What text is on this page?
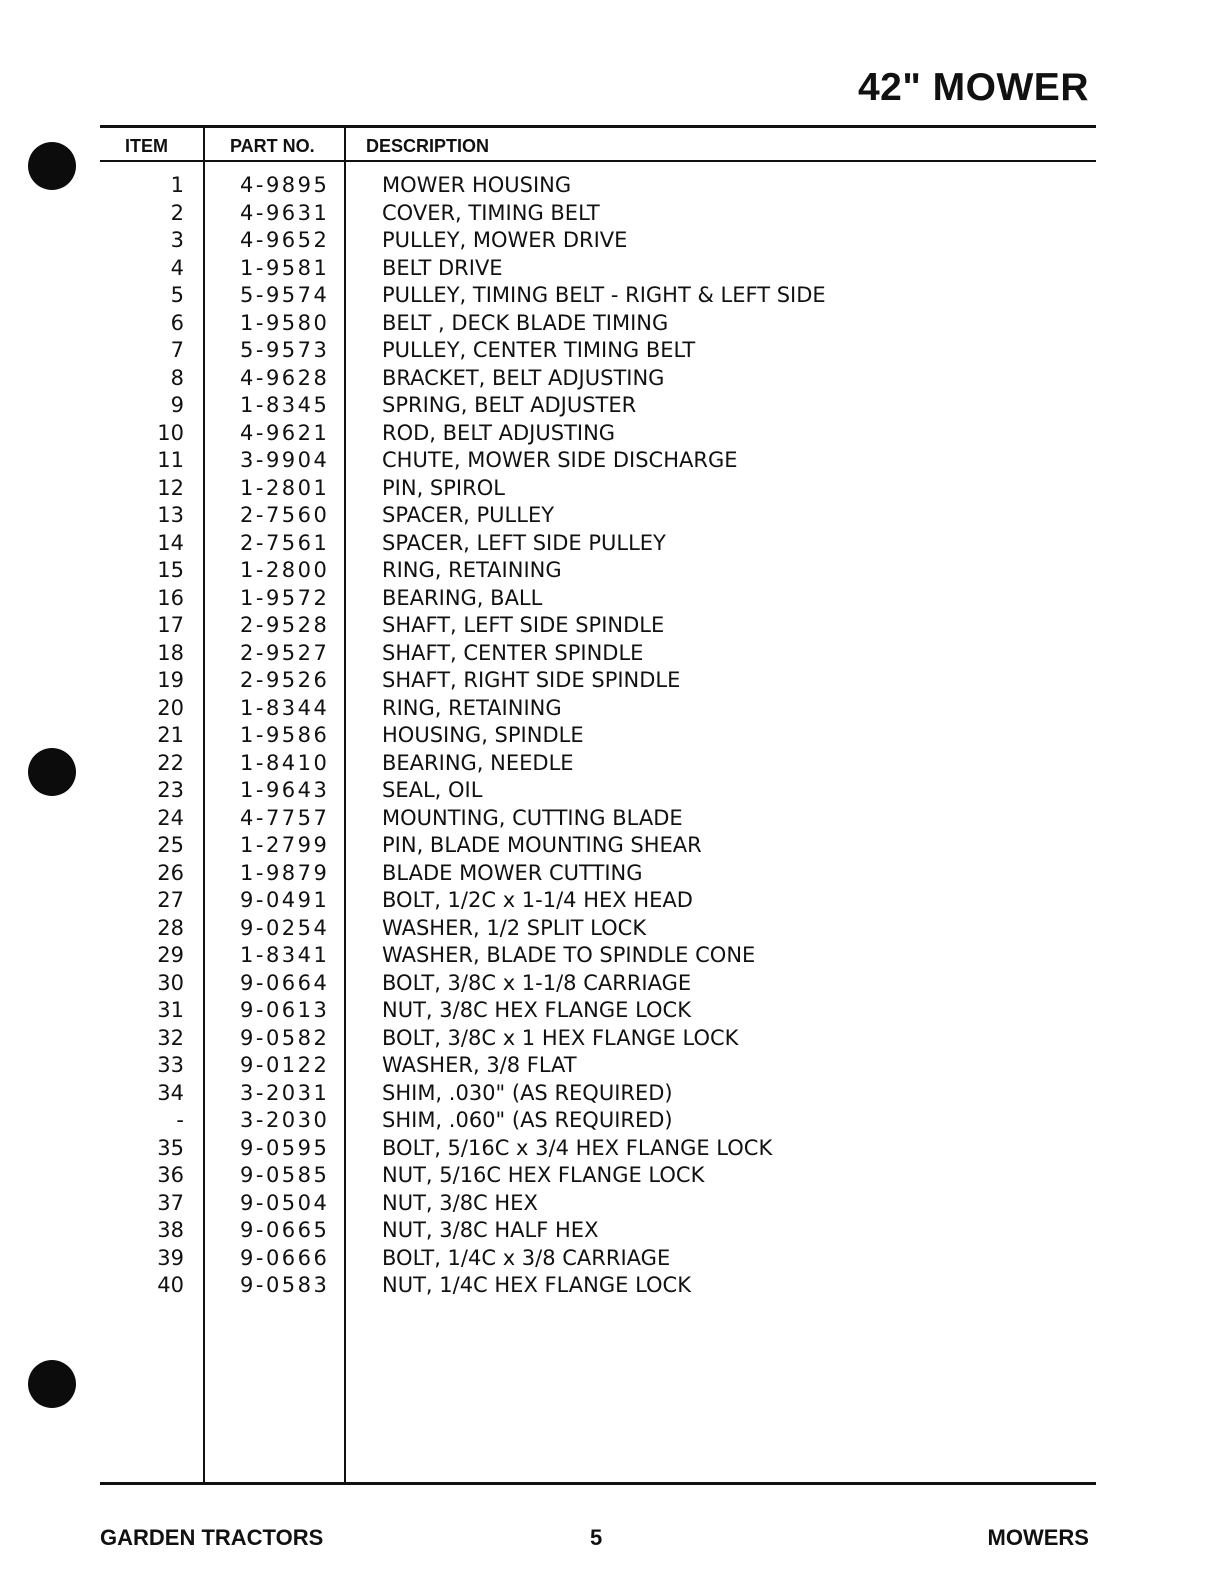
42" MOWER
ITEM	PART NO.	DESCRIPTION
1	4-9895	MOWER HOUSING
2	4-9631	COVER, TIMING BELT
3	4-9652	PULLEY, MOWER DRIVE
4	1-9581	BELT DRIVE
5	5-9574	PULLEY, TIMING BELT - RIGHT & LEFT SIDE
6	1-9580	BELT , DECK BLADE TIMING
7	5-9573	PULLEY, CENTER TIMING BELT
8	4-9628	BRACKET, BELT ADJUSTING
9	1-8345	SPRING, BELT ADJUSTER
10	4-9621	ROD, BELT ADJUSTING
11	3-9904	CHUTE, MOWER SIDE DISCHARGE
12	1-2801	PIN, SPIROL
13	2-7560	SPACER, PULLEY
14	2-7561	SPACER, LEFT SIDE PULLEY
15	1-2800	RING, RETAINING
16	1-9572	BEARING, BALL
17	2-9528	SHAFT, LEFT SIDE SPINDLE
18	2-9527	SHAFT, CENTER SPINDLE
19	2-9526	SHAFT, RIGHT SIDE SPINDLE
20	1-8344	RING, RETAINING
21	1-9586	HOUSING, SPINDLE
22	1-8410	BEARING, NEEDLE
23	1-9643	SEAL, OIL
24	4-7757	MOUNTING, CUTTING BLADE
25	1-2799	PIN, BLADE MOUNTING SHEAR
26	1-9879	BLADE MOWER CUTTING
27	9-0491	BOLT, 1/2C x 1-1/4 HEX HEAD
28	9-0254	WASHER, 1/2 SPLIT LOCK
29	1-8341	WASHER, BLADE TO SPINDLE CONE
30	9-0664	BOLT, 3/8C x 1-1/8 CARRIAGE
31	9-0613	NUT, 3/8C HEX FLANGE LOCK
32	9-0582	BOLT, 3/8C x 1 HEX FLANGE LOCK
33	9-0122	WASHER, 3/8 FLAT
34	3-2031	SHIM, .030" (AS REQUIRED)
-	3-2030	SHIM, .060" (AS REQUIRED)
35	9-0595	BOLT, 5/16C x 3/4 HEX FLANGE LOCK
36	9-0585	NUT, 5/16C HEX FLANGE LOCK
37	9-0504	NUT, 3/8C HEX
38	9-0665	NUT, 3/8C HALF HEX
39	9-0666	BOLT, 1/4C x 3/8 CARRIAGE
40	9-0583	NUT, 1/4C HEX FLANGE LOCK
GARDEN TRACTORS	5	MOWERS
